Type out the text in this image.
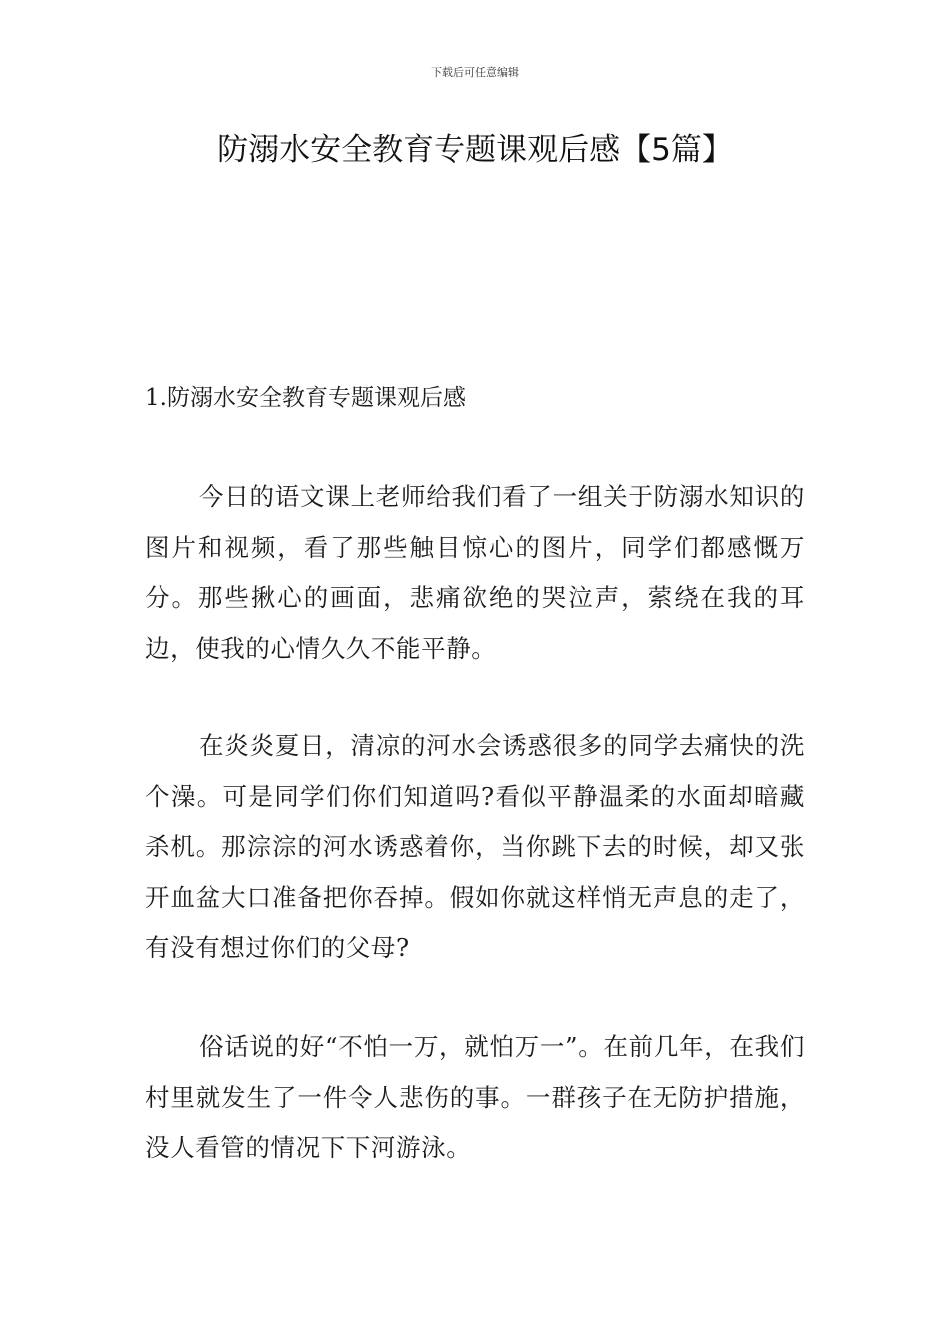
下载后可任意编辑
防溺水安全教育专题课观后感【5篇】
1.防溺水安全教育专题课观后感

今日的语文课上老师给我们看了一组关于防溺水知识的图片和视频，看了那些触目惊心的图片，同学们都感慨万分。那些揪心的画面，悲痛欲绝的哭泣声，萦绕在我的耳边，使我的心情久久不能平静。

在炎炎夏日，清凉的河水会诱惑很多的同学去痛快的洗个澡。可是同学们你们知道吗?看似平静温柔的水面却暗藏杀机。那淙淙的河水诱惑着你，当你跳下去的时候，却又张开血盆大口准备把你吞掉。假如你就这样悄无声息的走了，有没有想过你们的父母?

俗话说的好“不怕一万，就怕万一”。在前几年，在我们村里就发生了一件令人悲伤的事。一群孩子在无防护措施，没人看管的情况下下河游泳。
